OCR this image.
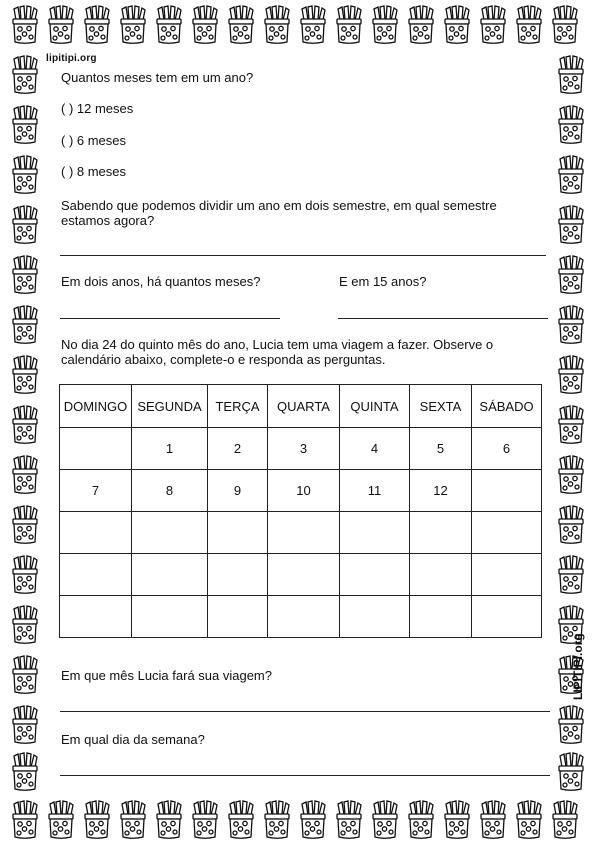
lipitipi.org
LIPITIPI.org
Quantos meses tem em um ano?
( ) 12 meses
( ) 6 meses
( ) 8 meses
Sabendo que podemos dividir um ano em dois semestre, em qual semestre
estamos agora?
Em dois anos, há quantos meses?	E em 15 anos?
No dia 24 do quinto mês do ano, Lucia tem uma viagem a fazer. Observe o
calendário abaixo, complete-o e responda as perguntas.
DOMINGO	SEGUNDA	TERÇA	QUARTA	QUINTA	SEXTA	SÁBADO
	1	2	3	4	5	6
7	8	9	10	11	12	

Em que mês Lucia fará sua viagem?
Em qual dia da semana?
